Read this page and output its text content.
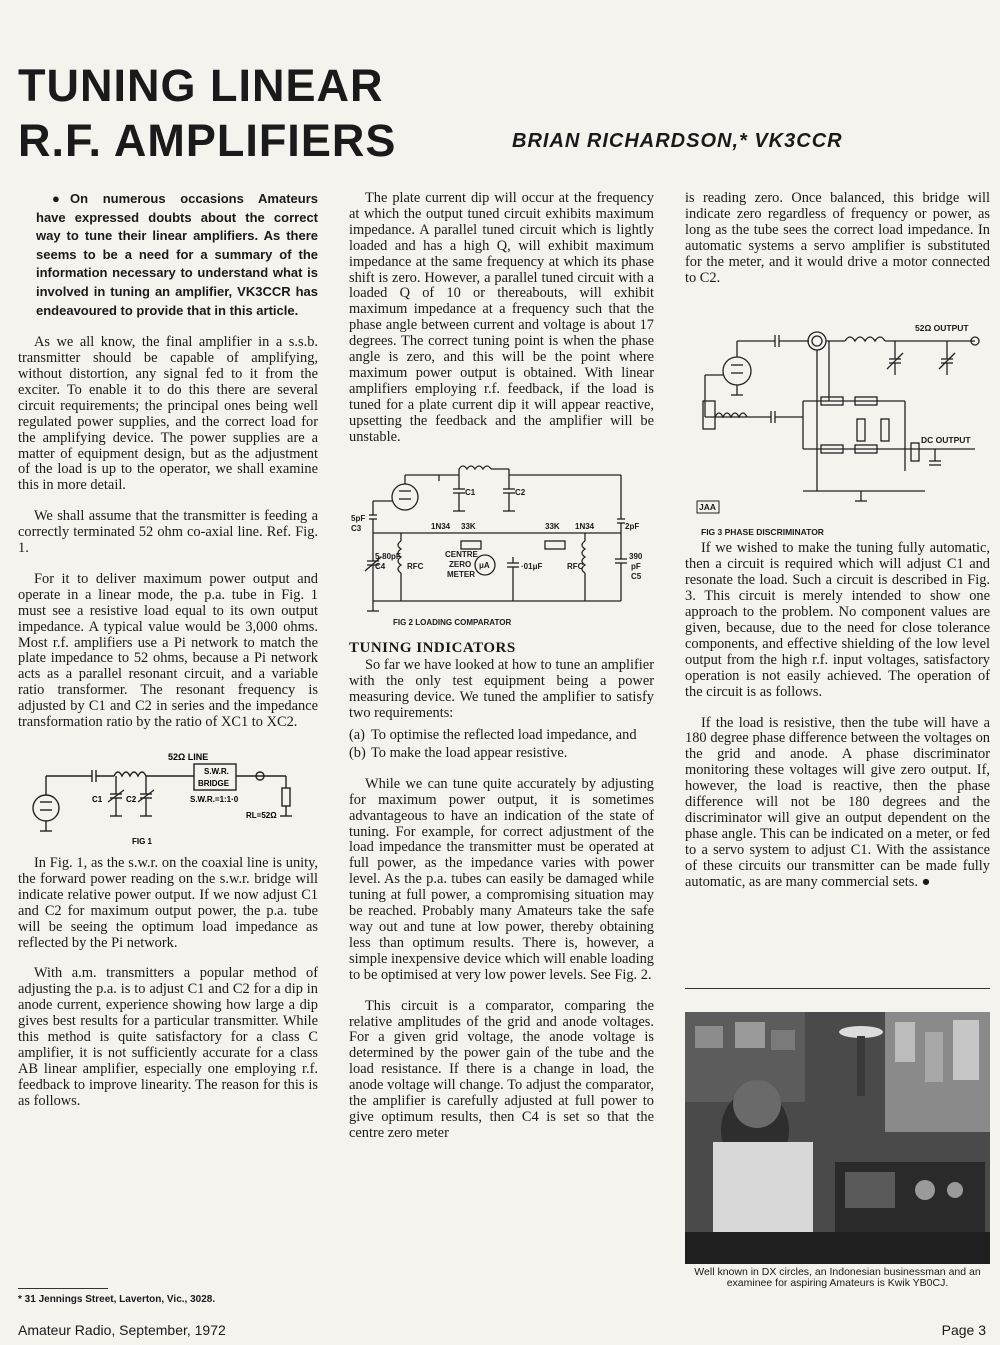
TUNING LINEAR
R.F. AMPLIFIERS	BRIAN RICHARDSON,* VK3CCR

● On numerous occasions Amateurs have expressed doubts about the correct way to tune their linear amplifiers. As there seems to be a need for a summary of the information necessary to understand what is involved in tuning an amplifier, VK3CCR has endeavoured to provide that in this article.

As we all know, the final amplifier in a s.s.b. transmitter should be capable of amplifying, without distortion, any signal fed to it from the exciter. To enable it to do this there are several circuit requirements; the principal ones being well regulated power supplies, and the correct load for the amplifying device. The power supplies are a matter of equipment design, but as the adjustment of the load is up to the operator, we shall examine this in more detail.

We shall assume that the transmitter is feeding a correctly terminated 52 ohm co-axial line. Ref. Fig. 1.

For it to deliver maximum power output and operate in a linear mode, the p.a. tube in Fig. 1 must see a resistive load equal to its own output impedance. A typical value would be 3,000 ohms. Most r.f. amplifiers use a Pi network to match the plate impedance to 52 ohms, because a Pi network acts as a parallel resonant circuit, and a variable ratio transformer. The resonant frequency is adjusted by C1 and C2 in series and the impedance transformation ratio by the ratio of XC1 to XC2.

52Ω LINE
S.W.R.
BRIDGE
S.W.R.=1:1·0
C1	C2
RL=52Ω
FIG 1

In Fig. 1, as the s.w.r. on the coaxial line is unity, the forward power reading on the s.w.r. bridge will indicate relative power output. If we now adjust C1 and C2 for maximum output power, the p.a. tube will be seeing the optimum load impedance as reflected by the Pi network.

With a.m. transmitters a popular method of adjusting the p.a. is to adjust C1 and C2 for a dip in anode current, experience showing how large a dip gives best results for a particular transmitter. While this method is quite satisfactory for a class C amplifier, it is not sufficiently accurate for a class AB linear amplifier, especially one employing r.f. feedback to improve linearity. The reason for this is as follows.

The plate current dip will occur at the frequency at which the output tuned circuit exhibits maximum impedance. A parallel tuned circuit which is lightly loaded and has a high Q, will exhibit maximum impedance at the same frequency at which its phase shift is zero. However, a parallel tuned circuit with a loaded Q of 10 or thereabouts, will exhibit maximum impedance at a frequency such that the phase angle between current and voltage is about 17 degrees. The correct tuning point is when the phase angle is zero, and this will be the point where maximum power output is obtained. With linear amplifiers employing r.f. feedback, if the load is tuned for a plate current dip it will appear reactive, upsetting the feedback and the amplifier will be unstable.

C1	C2
5pF
C3
5-80pF
C4
1N34 33K	33K 1N34	2pF
RFC	RFC
CENTRE
ZERO
METER
μA	·01μF
390
pF
C5
FIG 2 LOADING COMPARATOR
TUNING INDICATORS

So far we have looked at how to tune an amplifier with the only test equipment being a power measuring device. We tuned the amplifier to satisfy two requirements:

(a) To optimise the reflected load impedance, and

(b) To make the load appear resistive.

While we can tune quite accurately by adjusting for maximum power output, it is sometimes advantageous to have an indication of the state of tuning. For example, for correct adjustment of the load impedance the transmitter must be operated at full power, as the impedance varies with power level. As the p.a. tubes can easily be damaged while tuning at full power, a compromising situation may be reached. Probably many Amateurs take the safe way out and tune at low power, thereby obtaining less than optimum results. There is, however, a simple inexpensive device which will enable loading to be optimised at very low power levels. See Fig. 2.

This circuit is a comparator, comparing the relative amplitudes of the grid and anode voltages. For a given grid voltage, the anode voltage is determined by the power gain of the tube and the load resistance. If there is a change in load, the anode voltage will change. To adjust the comparator, the amplifier is carefully adjusted at full power to give optimum results, then C4 is set so that the centre zero meter

is reading zero. Once balanced, this bridge will indicate zero regardless of frequency or power, as long as the tube sees the correct load impedance. In automatic systems a servo amplifier is substituted for the meter, and it would drive a motor connected to C2.

52Ω OUTPUT
DC OUTPUT
JAA
FIG 3 PHASE DISCRIMINATOR

If we wished to make the tuning fully automatic, then a circuit is required which will adjust C1 and resonate the load. Such a circuit is described in Fig. 3. This circuit is merely intended to show one approach to the problem. No component values are given, because, due to the need for close tolerance components, and effective shielding of the low level output from the high r.f. input voltages, satisfactory operation is not easily achieved. The operation of the circuit is as follows.

If the load is resistive, then the tube will have a 180 degree phase difference between the voltages on the grid and anode. A phase discriminator monitoring these voltages will give zero output. If, however, the load is reactive, then the phase difference will not be 180 degrees and the discriminator will give an output dependent on the phase angle. This can be indicated on a meter, or fed to a servo system to adjust C1. With the assistance of these circuits our transmitter can be made fully automatic, as are many commercial sets. ●

Well known in DX circles, an Indonesian businessman and an examinee for aspiring Amateurs is Kwik YB0CJ.
* 31 Jennings Street, Laverton, Vic., 3028.
Amateur Radio, September, 1972	Page 3
